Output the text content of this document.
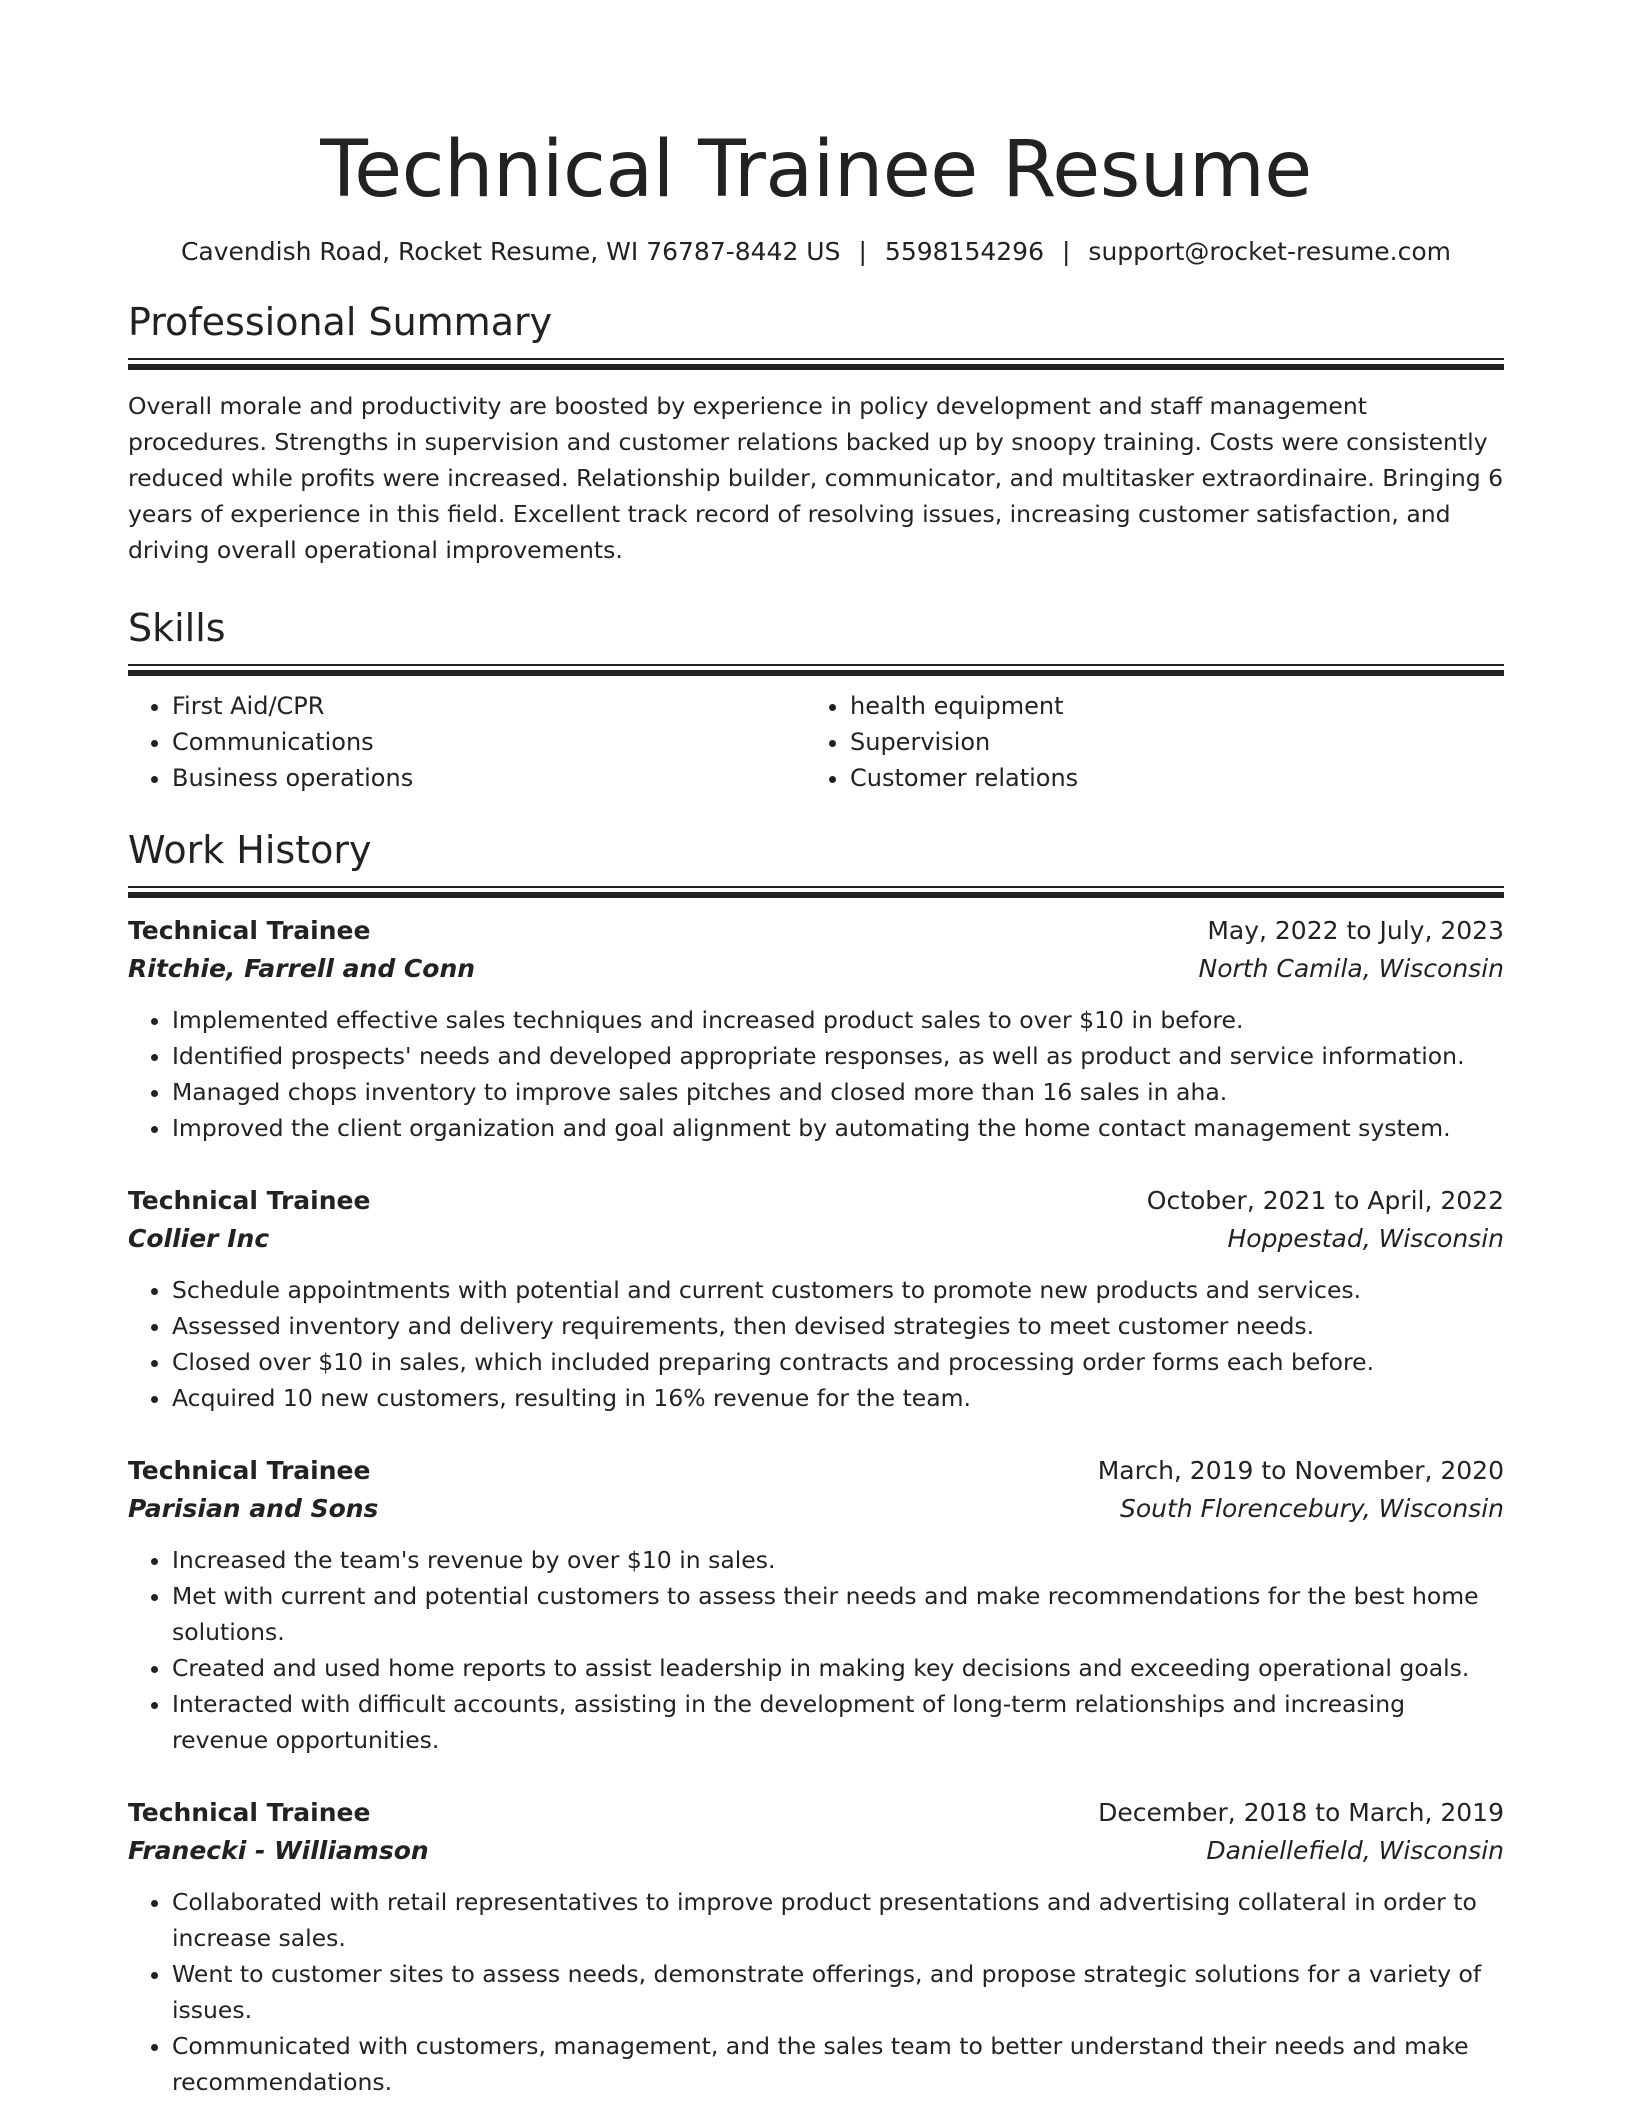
Technical Trainee Resume
Cavendish Road, Rocket Resume, WI 76787-8442 US | 5598154296 | support@rocket-resume.com
Professional Summary

Overall morale and productivity are boosted by experience in policy development and staff management procedures. Strengths in supervision and customer relations backed up by snoopy training. Costs were consistently reduced while profits were increased. Relationship builder, communicator, and multitasker extraordinaire. Bringing 6 years of experience in this field. Excellent track record of resolving issues, increasing customer satisfaction, and driving overall operational improvements.

Skills
• First Aid/CPR
• Communications
• Business operations
• health equipment
• Supervision
• Customer relations
Work History
Technical Trainee	May, 2022 to July, 2023
Ritchie, Farrell and Conn	North Camila, Wisconsin
• Implemented effective sales techniques and increased product sales to over $10 in before.
• Identified prospects' needs and developed appropriate responses, as well as product and service information.
• Managed chops inventory to improve sales pitches and closed more than 16 sales in aha.
• Improved the client organization and goal alignment by automating the home contact management system.
Technical Trainee	October, 2021 to April, 2022
Collier Inc	Hoppestad, Wisconsin
• Schedule appointments with potential and current customers to promote new products and services.
• Assessed inventory and delivery requirements, then devised strategies to meet customer needs.
• Closed over $10 in sales, which included preparing contracts and processing order forms each before.
• Acquired 10 new customers, resulting in 16% revenue for the team.
Technical Trainee	March, 2019 to November, 2020
Parisian and Sons	South Florencebury, Wisconsin
• Increased the team's revenue by over $10 in sales.
• Met with current and potential customers to assess their needs and make recommendations for the best home solutions.
• Created and used home reports to assist leadership in making key decisions and exceeding operational goals.
• Interacted with difficult accounts, assisting in the development of long-term relationships and increasing revenue opportunities.
Technical Trainee	December, 2018 to March, 2019
Franecki - Williamson	Daniellefield, Wisconsin
• Collaborated with retail representatives to improve product presentations and advertising collateral in order to increase sales.
• Went to customer sites to assess needs, demonstrate offerings, and propose strategic solutions for a variety of issues.
• Communicated with customers, management, and the sales team to better understand their needs and make recommendations.
